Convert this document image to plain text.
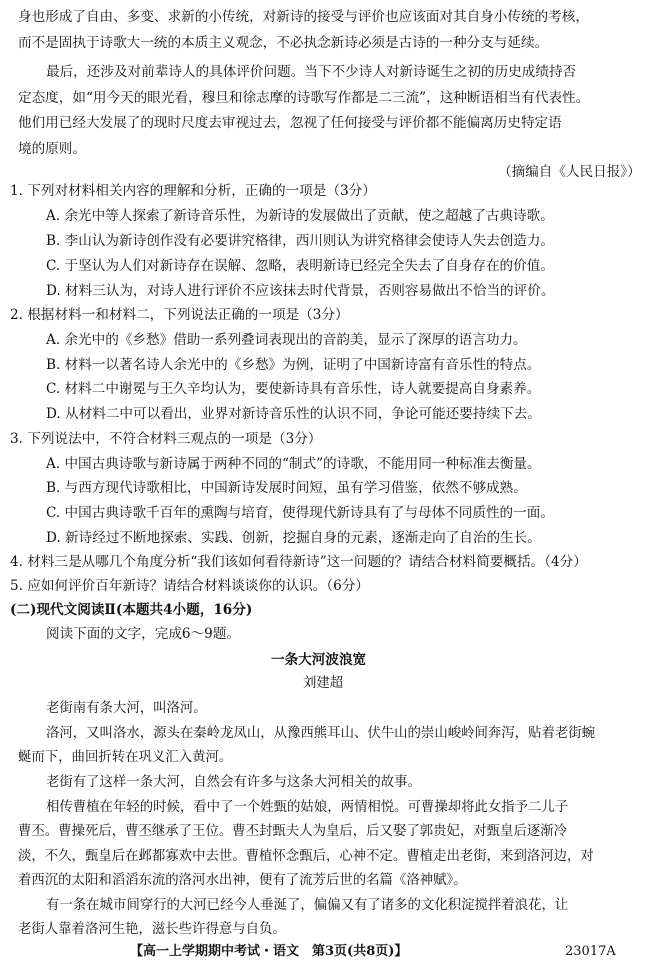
身也形成了自由、多变、求新的小传统，对新诗的接受与评价也应该面对其自身小传统的考核，
而不是固执于诗歌大一统的本质主义观念，不必执念新诗必须是古诗的一种分支与延续。
最后，还涉及对前辈诗人的具体评价问题。当下不少诗人对新诗诞生之初的历史成绩持否
定态度，如“用今天的眼光看，穆旦和徐志摩的诗歌写作都是二三流”，这种断语相当有代表性。
他们用已经大发展了的现时尺度去审视过去，忽视了任何接受与评价都不能偏离历史特定语
境的原则。
（摘编自《人民日报》）
1. 下列对材料相关内容的理解和分析，正确的一项是（3分）
A. 余光中等人探索了新诗音乐性，为新诗的发展做出了贡献，使之超越了古典诗歌。
B. 李山认为新诗创作没有必要讲究格律，西川则认为讲究格律会使诗人失去创造力。
C. 于坚认为人们对新诗存在误解、忽略，表明新诗已经完全失去了自身存在的价值。
D. 材料三认为，对诗人进行评价不应该抹去时代背景，否则容易做出不恰当的评价。
2. 根据材料一和材料二，下列说法正确的一项是（3分）
A. 余光中的《乡愁》借助一系列叠词表现出的音韵美，显示了深厚的语言功力。
B. 材料一以著名诗人余光中的《乡愁》为例，证明了中国新诗富有音乐性的特点。
C. 材料二中谢冕与王久辛均认为，要使新诗具有音乐性，诗人就要提高自身素养。
D. 从材料二中可以看出，业界对新诗音乐性的认识不同，争论可能还要持续下去。
3. 下列说法中，不符合材料三观点的一项是（3分）
A. 中国古典诗歌与新诗属于两种不同的“制式”的诗歌，不能用同一种标准去衡量。
B. 与西方现代诗歌相比，中国新诗发展时间短，虽有学习借鉴，依然不够成熟。
C. 中国古典诗歌千百年的熏陶与培育，使得现代新诗具有了与母体不同质性的一面。
D. 新诗经过不断地探索、实践、创新，挖掘自身的元素，逐渐走向了自治的生长。
4. 材料三是从哪几个角度分析“我们该如何看待新诗”这一问题的？请结合材料简要概括。（4分）
5. 应如何评价百年新诗？请结合材料谈谈你的认识。（6分）
(二)现代文阅读Ⅱ(本题共4小题，16分)
阅读下面的文字，完成6～9题。
一条大河波浪宽
刘建超
老街南有条大河，叫洛河。
洛河，又叫洛水，源头在秦岭龙凤山，从豫西熊耳山、伏牛山的崇山峻岭间奔泻，贴着老街蜿
蜒而下，曲回折转在巩义汇入黄河。
老街有了这样一条大河，自然会有许多与这条大河相关的故事。
相传曹植在年轻的时候，看中了一个姓甄的姑娘，两情相悦。可曹操却将此女指予二儿子
曹丕。曹操死后，曹丕继承了王位。曹丕封甄夫人为皇后，后又娶了郭贵妃，对甄皇后逐渐冷
淡，不久，甄皇后在邺都寡欢中去世。曹植怀念甄后，心神不定。曹植走出老街，来到洛河边，对
着西沉的太阳和滔滔东流的洛河水出神，便有了流芳后世的名篇《洛神赋》。
有一条在城市间穿行的大河已经今人垂涎了，偏偏又有了诸多的文化积淀搅拌着浪花，让
老街人靠着洛河生艳，滋长些许得意与自负。
【高一上学期期中考试・语文　第3页(共8页)】	23017A
